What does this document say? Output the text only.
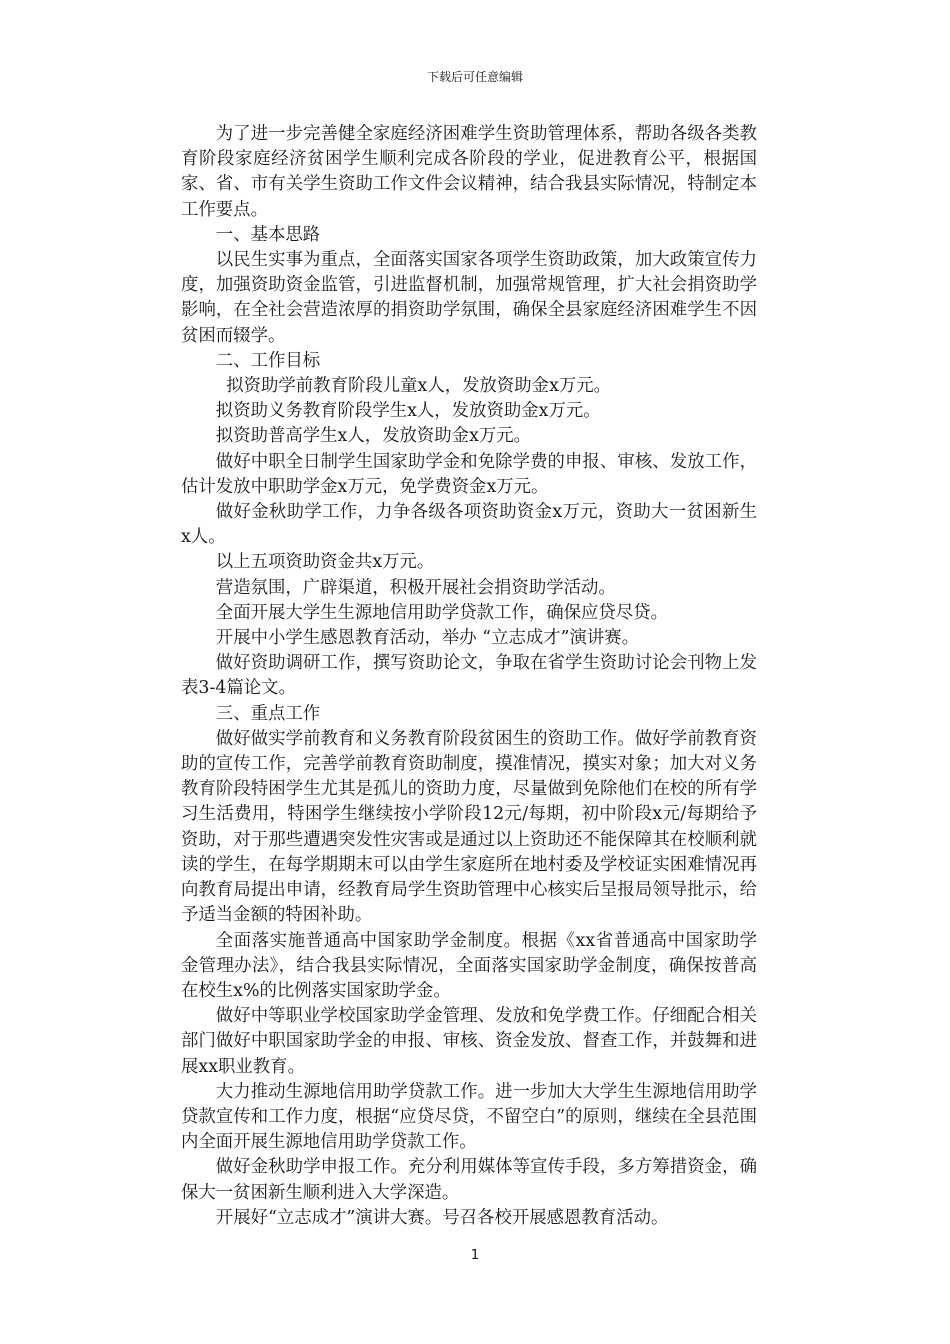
下载后可任意编辑

为了进一步完善健全家庭经济困难学生资助管理体系，帮助各级各类教育阶段家庭经济贫困学生顺利完成各阶段的学业，促进教育公平，根据国家、省、市有关学生资助工作文件会议精神，结合我县实际情况，特制定本工作要点。

一、基本思路

以民生实事为重点，全面落实国家各项学生资助政策，加大政策宣传力度，加强资助资金监管，引进监督机制，加强常规管理，扩大社会捐资助学影响，在全社会营造浓厚的捐资助学氛围，确保全县家庭经济困难学生不因贫困而辍学。

二、工作目标

拟资助学前教育阶段儿童x人，发放资助金x万元。

拟资助义务教育阶段学生x人，发放资助金x万元。

拟资助普高学生x人，发放资助金x万元。

做好中职全日制学生国家助学金和免除学费的申报、审核、发放工作，估计发放中职助学金x万元，免学费资金x万元。

做好金秋助学工作，力争各级各项资助资金x万元，资助大一贫困新生x人。

以上五项资助资金共x万元。

营造氛围，广辟渠道，积极开展社会捐资助学活动。

全面开展大学生生源地信用助学贷款工作，确保应贷尽贷。

开展中小学生感恩教育活动，举办 “立志成才”演讲赛。

做好资助调研工作，撰写资助论文，争取在省学生资助讨论会刊物上发表3-4篇论文。

三、重点工作

做好做实学前教育和义务教育阶段贫困生的资助工作。做好学前教育资助的宣传工作，完善学前教育资助制度，摸准情况，摸实对象；加大对义务教育阶段特困学生尤其是孤儿的资助力度，尽量做到免除他们在校的所有学习生活费用，特困学生继续按小学阶段12元/每期，初中阶段x元/每期给予资助，对于那些遭遇突发性灾害或是通过以上资助还不能保障其在校顺利就读的学生，在每学期期末可以由学生家庭所在地村委及学校证实困难情况再向教育局提出申请，经教育局学生资助管理中心核实后呈报局领导批示，给予适当金额的特困补助。

全面落实施普通高中国家助学金制度。根据《xx省普通高中国家助学金管理办法》，结合我县实际情况，全面落实国家助学金制度，确保按普高在校生x%的比例落实国家助学金。

做好中等职业学校国家助学金管理、发放和免学费工作。仔细配合相关部门做好中职国家助学金的申报、审核、资金发放、督查工作，并鼓舞和进展xx职业教育。

大力推动生源地信用助学贷款工作。进一步加大大学生生源地信用助学贷款宣传和工作力度，根据“应贷尽贷，不留空白”的原则，继续在全县范围内全面开展生源地信用助学贷款工作。

做好金秋助学申报工作。充分利用媒体等宣传手段，多方筹措资金，确保大一贫困新生顺利进入大学深造。

开展好“立志成才”演讲大赛。号召各校开展感恩教育活动。

1
